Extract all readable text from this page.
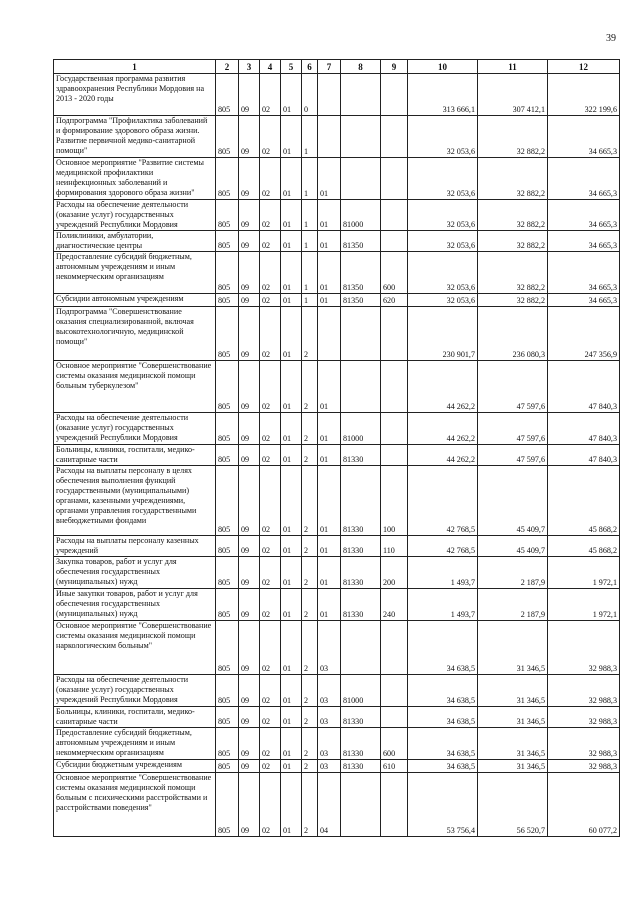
39
1	2	3	4	5	6	7	8	9	10	11	12
Государственная программа развития здравоохранения Республики Мордовия на 2013 - 2020 годы	805	09	02	01	0				313 666,1	307 412,1	322 199,6
Подпрограмма "Профилактика заболеваний и формирование здорового образа жизни. Развитие первичной медико-санитарной помощи"	805	09	02	01	1				32 053,6	32 882,2	34 665,3
Основное мероприятие "Развитие системы медицинской профилактики неинфекционных заболеваний и формирования здорового образа жизни"	805	09	02	01	1	01			32 053,6	32 882,2	34 665,3
Расходы на обеспечение деятельности (оказание услуг) государственных учреждений Республики Мордовия	805	09	02	01	1	01	81000		32 053,6	32 882,2	34 665,3
Поликлиники, амбулатории, диагностические центры	805	09	02	01	1	01	81350		32 053,6	32 882,2	34 665,3
Предоставление субсидий бюджетным, автономным учреждениям и иным некоммерческим организациям	805	09	02	01	1	01	81350	600	32 053,6	32 882,2	34 665,3
Субсидии автономным учреждениям	805	09	02	01	1	01	81350	620	32 053,6	32 882,2	34 665,3
Подпрограмма "Совершенствование оказания специализированной, включая высокотехнологичную, медицинской помощи"	805	09	02	01	2				230 901,7	236 080,3	247 356,9
Основное мероприятие "Совершенствование системы оказания медицинской помощи больным туберкулезом"	805	09	02	01	2	01			44 262,2	47 597,6	47 840,3
Расходы на обеспечение деятельности (оказание услуг) государственных учреждений Республики Мордовия	805	09	02	01	2	01	81000		44 262,2	47 597,6	47 840,3
Больницы, клиники, госпитали, медико-санитарные части	805	09	02	01	2	01	81330		44 262,2	47 597,6	47 840,3
Расходы на выплаты персоналу в целях обеспечения выполнения функций государственными (муниципальными) органами, казенными учреждениями, органами управления государственными внебюджетными фондами	805	09	02	01	2	01	81330	100	42 768,5	45 409,7	45 868,2
Расходы на выплаты персоналу казенных учреждений	805	09	02	01	2	01	81330	110	42 768,5	45 409,7	45 868,2
Закупка товаров, работ и услуг для обеспечения государственных (муниципальных) нужд	805	09	02	01	2	01	81330	200	1 493,7	2 187,9	1 972,1
Иные закупки товаров, работ и услуг для обеспечения государственных (муниципальных) нужд	805	09	02	01	2	01	81330	240	1 493,7	2 187,9	1 972,1
Основное мероприятие "Совершенствование системы оказания медицинской помощи наркологическим больным"	805	09	02	01	2	03			34 638,5	31 346,5	32 988,3
Расходы на обеспечение деятельности (оказание услуг) государственных учреждений Республики Мордовия	805	09	02	01	2	03	81000		34 638,5	31 346,5	32 988,3
Больницы, клиники, госпитали, медико-санитарные части	805	09	02	01	2	03	81330		34 638,5	31 346,5	32 988,3
Предоставление субсидий бюджетным, автономным учреждениям и иным некоммерческим организациям	805	09	02	01	2	03	81330	600	34 638,5	31 346,5	32 988,3
Субсидии бюджетным учреждениям	805	09	02	01	2	03	81330	610	34 638,5	31 346,5	32 988,3
Основное мероприятие "Совершенствование системы оказания медицинской помощи больным с психическими расстройствами и расстройствами поведения"	805	09	02	01	2	04			53 756,4	56 520,7	60 077,2
